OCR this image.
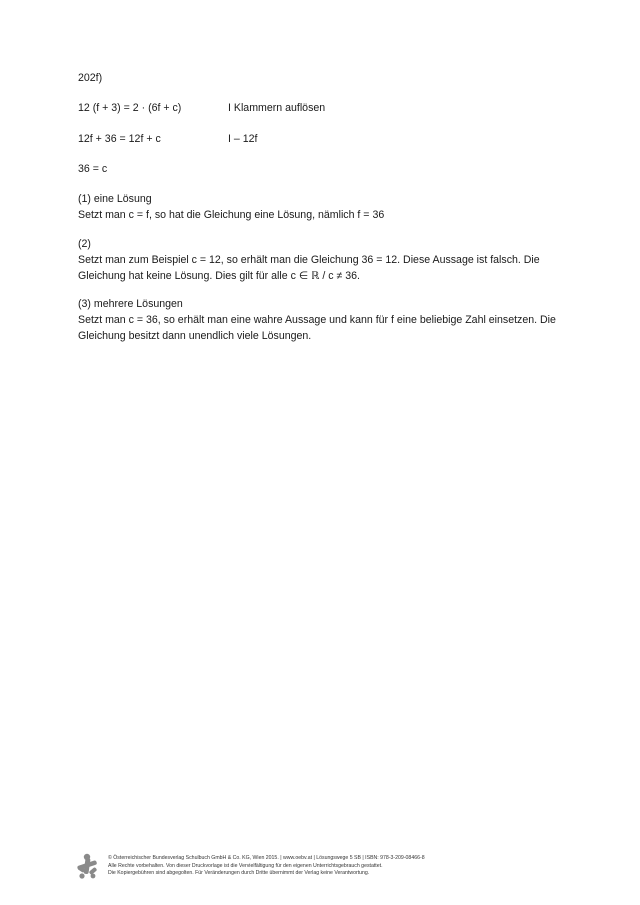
202f)
12 (f + 3) = 2 · (6f + c)	I Klammern auflösen
12f + 36 = 12f + c	I – 12f
36 = c
(1) eine Lösung
Setzt man c = f, so hat die Gleichung eine Lösung, nämlich f = 36
(2)
Setzt man zum Beispiel c = 12, so erhält man die Gleichung 36 = 12. Diese Aussage ist falsch. Die
Gleichung hat keine Lösung. Dies gilt für alle c ∈ ℝ / c ≠ 36.
(3) mehrere Lösungen
Setzt man c = 36, so erhält man eine wahre Aussage und kann für f eine beliebige Zahl einsetzen. Die
Gleichung besitzt dann unendlich viele Lösungen.
© Österreichischer Bundesverlag Schulbuch GmbH & Co. KG, Wien 2015. | www.oebv.at | Lösungswege 5 SB | ISBN: 978-3-209-08466-8
Alle Rechte vorbehalten. Von dieser Druckvorlage ist die Vervielfältigung für den eigenen Unterrichtsgebrauch gestattet.
Die Kopiergebühren sind abgegolten. Für Veränderungen durch Dritte übernimmt der Verlag keine Verantwortung.
